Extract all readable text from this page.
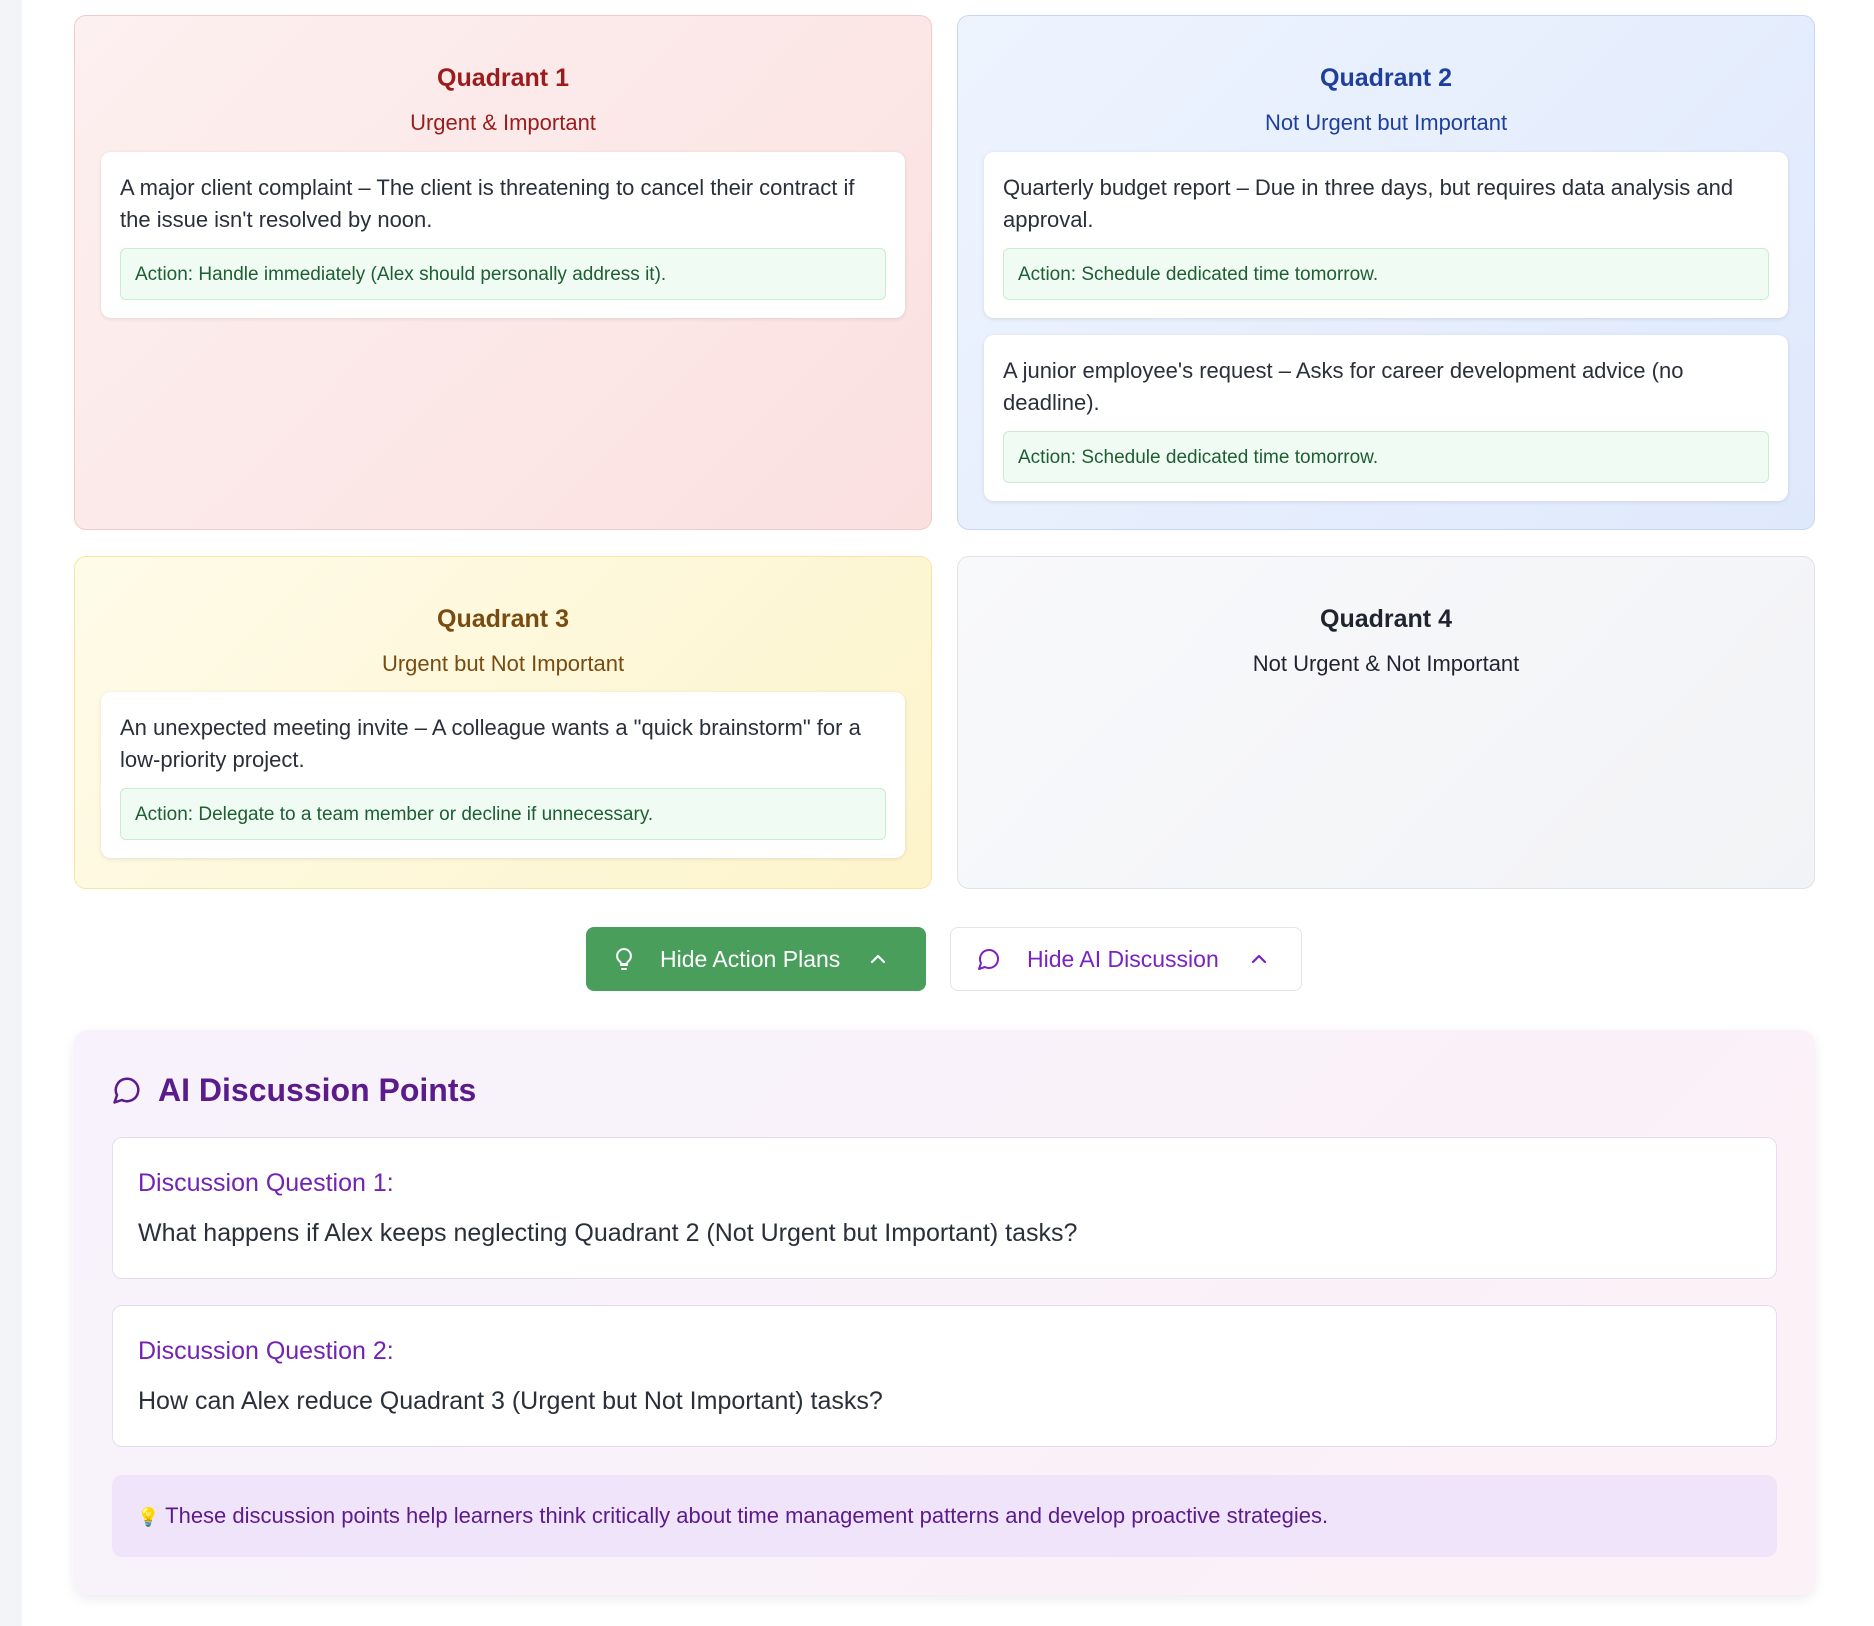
Quadrant 1
Urgent & Important
A major client complaint – The client is threatening to cancel their contract if the issue isn't resolved by noon.
Action: Handle immediately (Alex should personally address it).
Quadrant 2
Not Urgent but Important
Quarterly budget report – Due in three days, but requires data analysis and approval.
Action: Schedule dedicated time tomorrow.
A junior employee's request – Asks for career development advice (no deadline).
Action: Schedule dedicated time tomorrow.
Quadrant 3
Urgent but Not Important
An unexpected meeting invite – A colleague wants a "quick brainstorm" for a low-priority project.
Action: Delegate to a team member or decline if unnecessary.
Quadrant 4
Not Urgent & Not Important
Hide Action Plans	Hide AI Discussion
AI Discussion Points
Discussion Question 1:
What happens if Alex keeps neglecting Quadrant 2 (Not Urgent but Important) tasks?
Discussion Question 2:
How can Alex reduce Quadrant 3 (Urgent but Not Important) tasks?
💡 These discussion points help learners think critically about time management patterns and develop proactive strategies.
